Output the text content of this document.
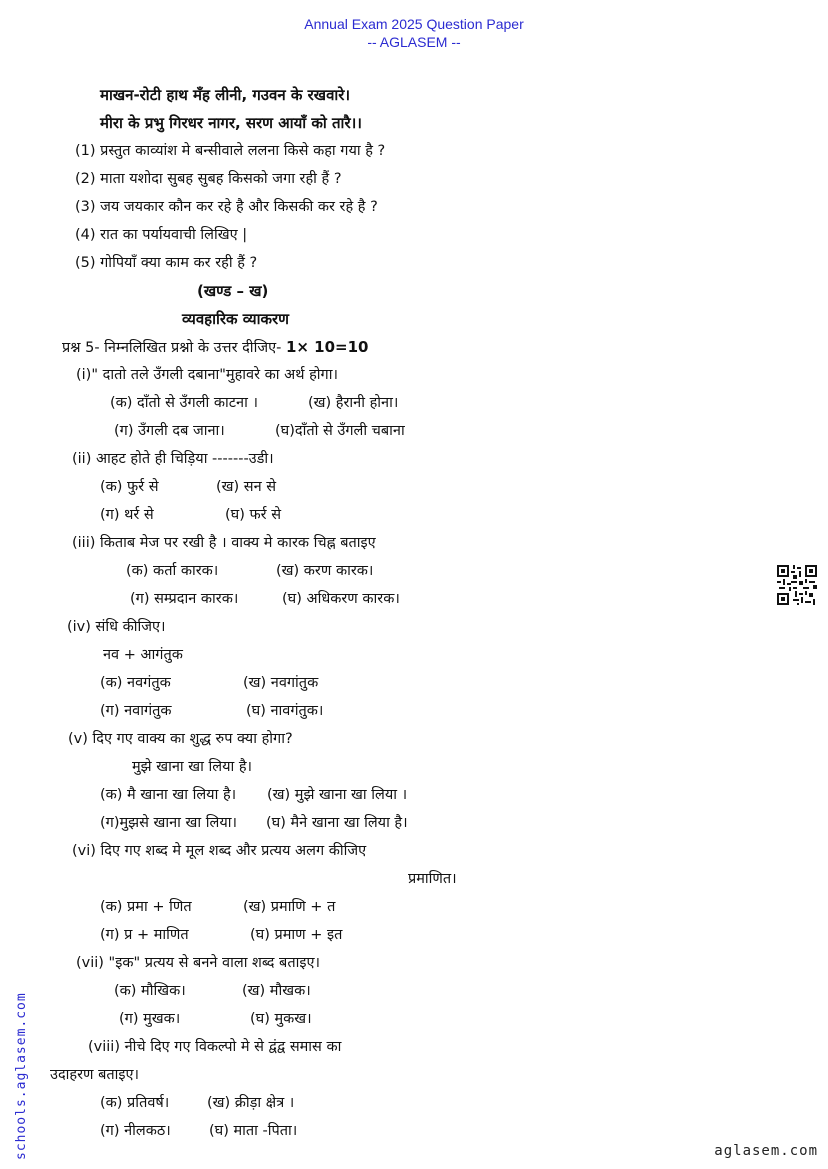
Annual Exam 2025 Question Paper
-- AGLASEM --
माखन-रोटी हाथ मँह लीनी, गउवन के रखवारे।
मीरा के प्रभु गिरधर नागर, सरण आयाँ को तारै।।
(1) प्रस्तुत काव्यांश मे बन्सीवाले ललना किसे कहा गया है ?
(2) माता यशोदा सुबह सुबह किसको जगा रही हैं ?
(3) जय जयकार कौन कर रहे है और किसकी कर रहे है ?
(4) रात का पर्यायवाची लिखिए |
(5) गोपियाँ क्या काम कर रही हैं ?
(खण्ड – ख)
व्यवहारिक व्याकरण
प्रश्न 5- निम्नलिखित प्रश्नो के उत्तर दीजिए- 1× 10=10
(i)" दातो तले उँगली दबाना"मुहावरे का अर्थ होगा।
(क) दाँतो से उँगली काटना ।	(ख) हैरानी होना।
(ग) उँगली दब जाना।	(घ)दाँतो से उँगली चबाना
(ii) आहट होते ही चिड़िया -------उडी।
(क) फुर्र से	(ख) सन से
(ग) थर्र से	(घ) फर्र से
(iii) किताब मेज पर रखी है । वाक्य मे कारक चिह्न बताइए
(क) कर्ता कारक।	(ख) करण कारक।
(ग) सम्प्रदान कारक।	(घ) अधिकरण कारक।
(iv) संधि कीजिए।
नव + आगंतुक
(क) नवगंतुक	(ख) नवगांतुक
(ग) नवागंतुक	(घ) नावगंतुक।
(v) दिए गए वाक्य का शुद्ध रुप क्या होगा?
मुझे खाना खा लिया है।
(क) मै खाना खा लिया है। (ख) मुझे खाना खा लिया ।
(ग)मुझसे खाना खा लिया। (घ) मैने खाना खा लिया है।
(vi) दिए गए शब्द मे मूल शब्द और प्रत्यय अलग कीजिए
प्रमाणित।
(क) प्रमा + णित	(ख) प्रमाणि + त
(ग) प्र + माणित	(घ) प्रमाण + इत
(vii) "इक" प्रत्यय से बनने वाला शब्द बताइए।
(क) मौखिक।	(ख) मौखक।
(ग) मुखक।	(घ) मुकख।
(viii) नीचे दिए गए विकल्पो मे से द्वंद्व समास का
उदाहरण बताइए।
(क) प्रतिवर्ष।	(ख) क्रीड़ा क्षेत्र ।
(ग) नीलकठ।	(घ) माता -पिता।
schools.aglasem.com	aglasem.com
